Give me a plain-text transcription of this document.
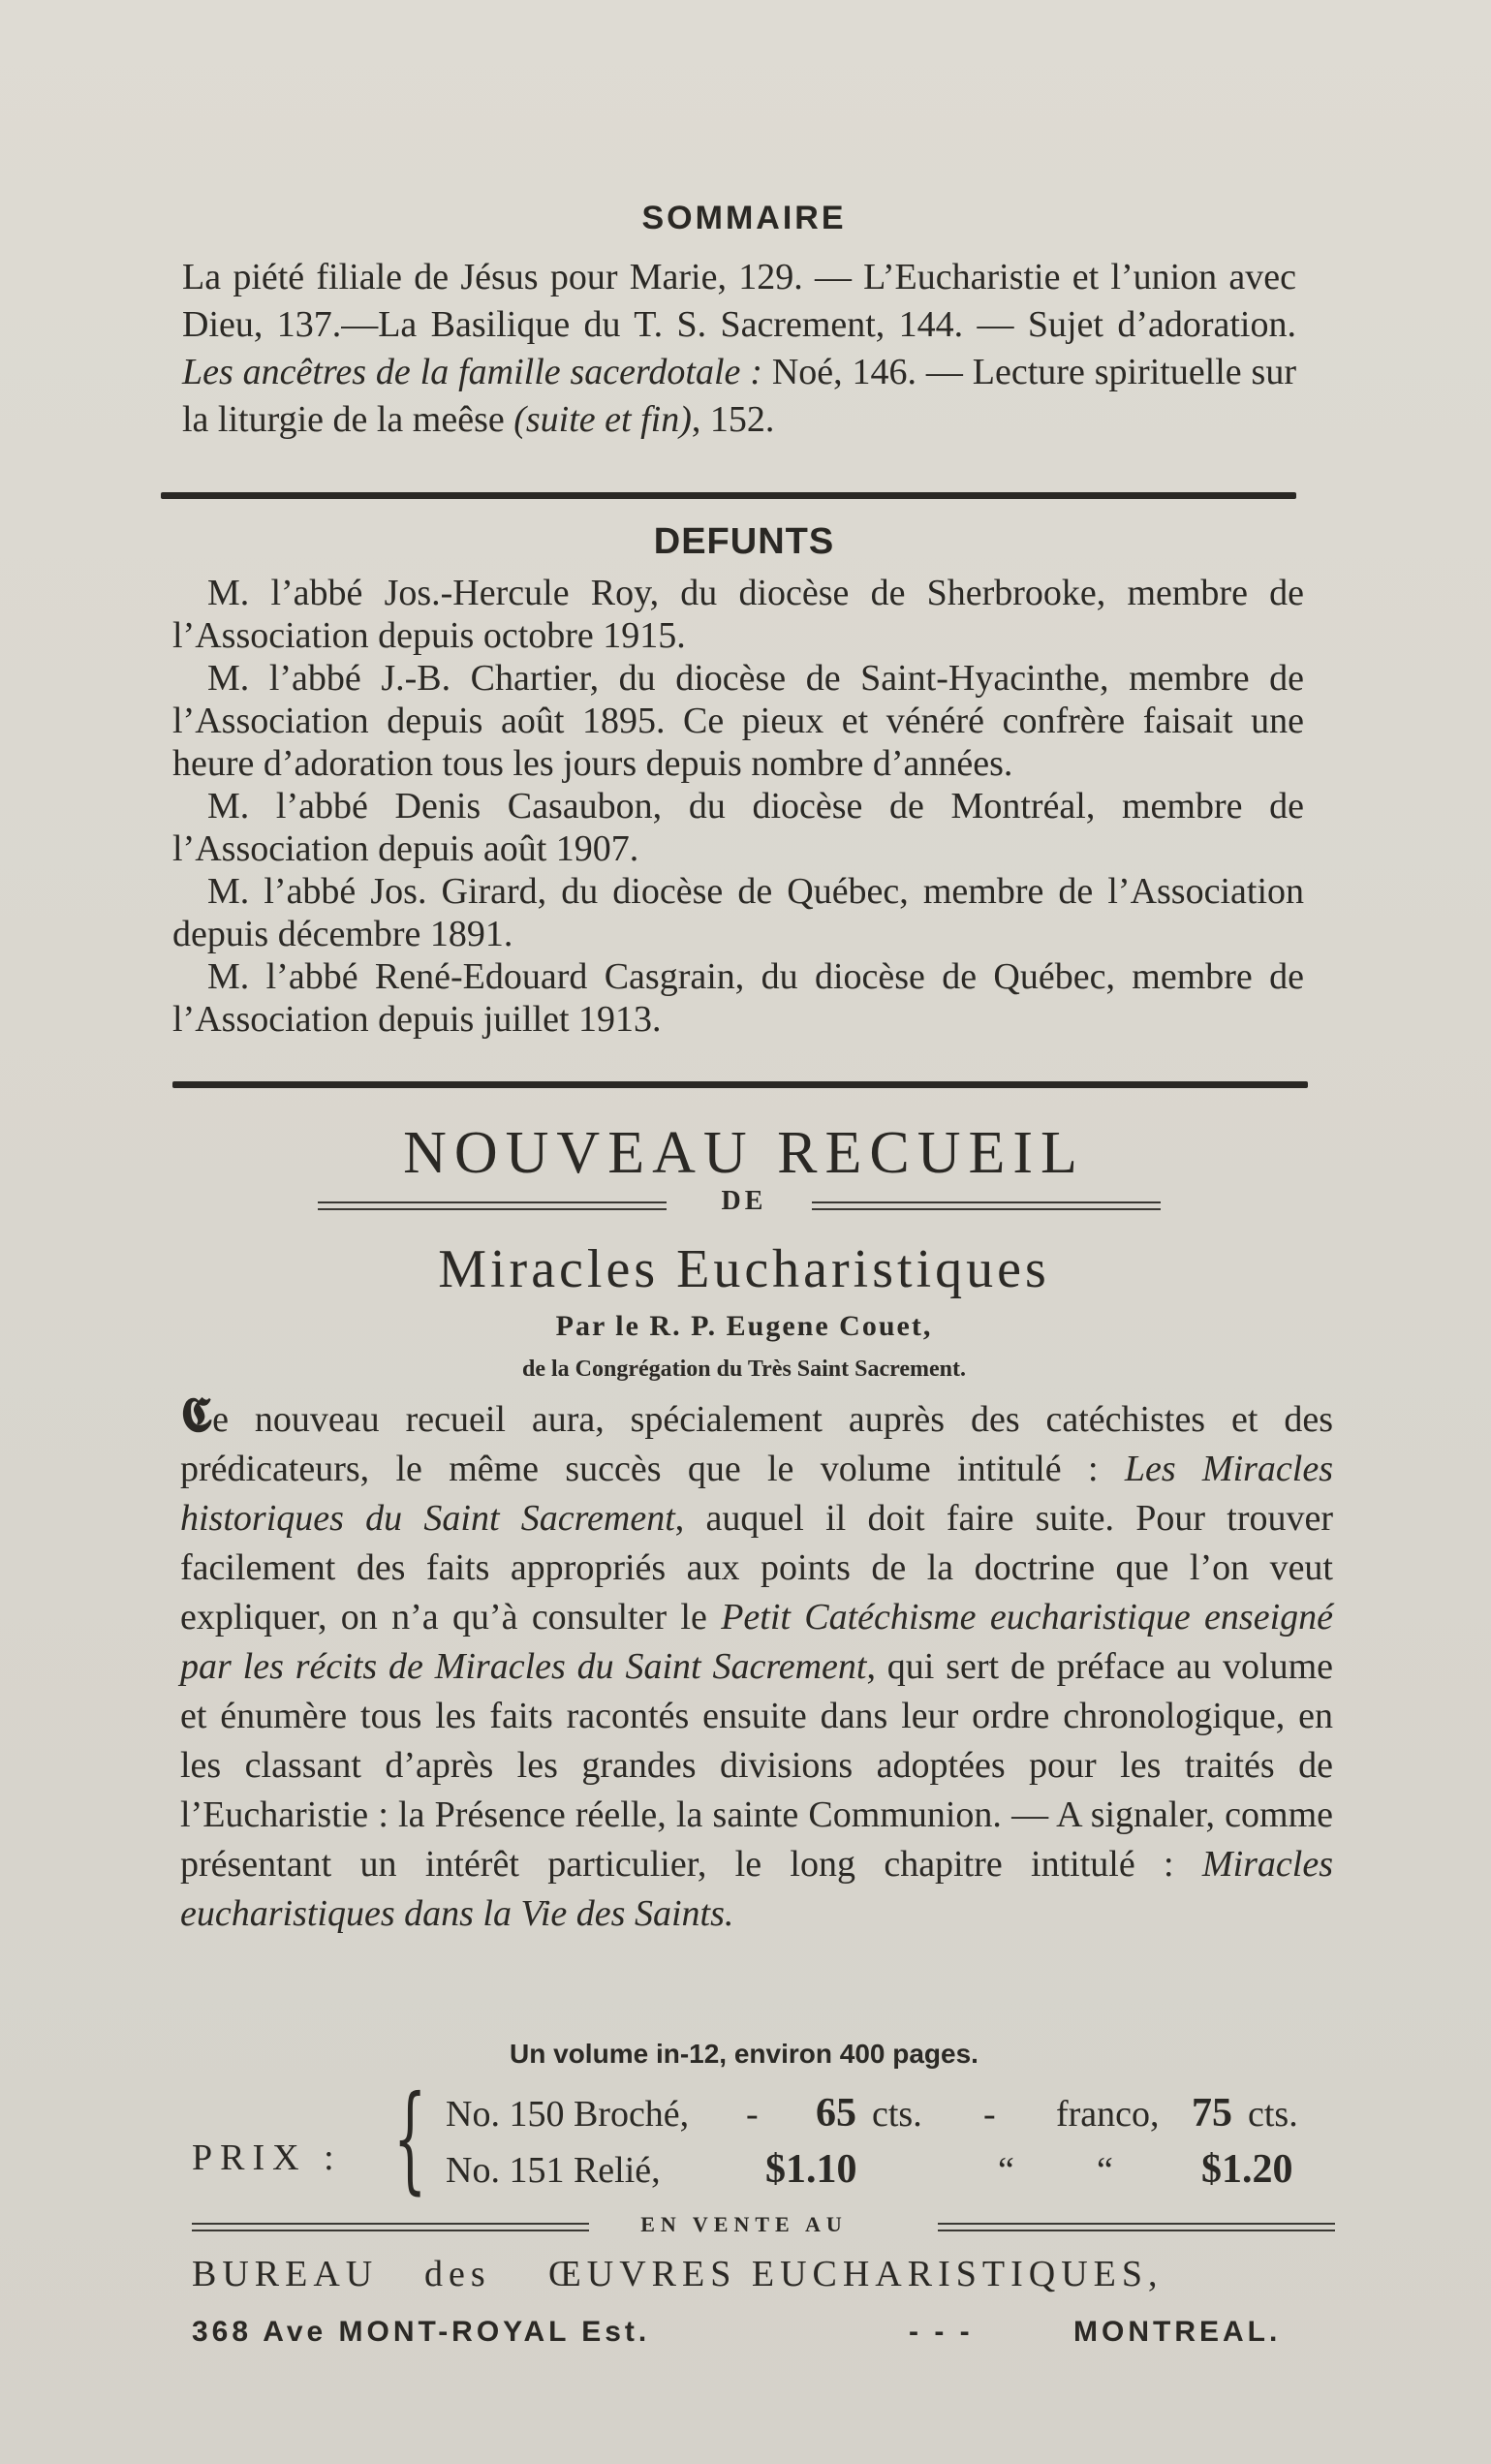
SOMMAIRE
La piété filiale de Jésus pour Marie, 129. — L’Eucharistie et l’union avec Dieu, 137.—La Basilique du T. S. Sacrement, 144. — Sujet d’adoration. Les ancêtres de la famille sacerdotale : Noé, 146. — Lecture spirituelle sur la liturgie de la meêse (suite et fin), 152.
DEFUNTS

M. l’abbé Jos.-Hercule Roy, du diocèse de Sherbrooke, membre de l’Association depuis octobre 1915.

M. l’abbé J.-B. Chartier, du diocèse de Saint-Hyacinthe, membre de l’Association depuis août 1895. Ce pieux et vénéré confrère faisait une heure d’adoration tous les jours depuis nombre d’années.

M. l’abbé Denis Casaubon, du diocèse de Montréal, membre de l’Association depuis août 1907.

M. l’abbé Jos. Girard, du diocèse de Québec, membre de l’Association depuis décembre 1891.

M. l’abbé René-Edouard Casgrain, du diocèse de Québec, membre de l’Association depuis juillet 1913.

NOUVEAU RECUEIL
DE
Miracles Eucharistiques
Par le R. P. Eugene Couet,
de la Congrégation du Très Saint Sacrement.

𝕮e nouveau recueil aura, spécialement auprès des catéchistes et des prédicateurs, le même succès que le volume intitulé : Les Miracles historiques du Saint Sacrement, auquel il doit faire suite. Pour trouver facilement des faits appropriés aux points de la doctrine que l’on veut expliquer, on n’a qu’à consulter le Petit Catéchisme eucharistique enseigné par les récits de Miracles du Saint Sacrement, qui sert de préface au volume et énumère tous les faits racontés ensuite dans leur ordre chronologique, en les classant d’après les grandes divisions adoptées pour les traités de l’Eucharistie : la Présence réelle, la sainte Communion. — A signaler, comme présentant un intérêt particulier, le long chapitre intitulé : Miracles eucharistiques dans la Vie des Saints.

Un volume in-12, environ 400 pages.
PRIX : { No. 150 Broché, - 65 cts. - franco, 75 cts.
No. 151 Relié,	$1.10	“ “ $1.20
EN VENTE AU
BUREAU des ŒUVRES EUCHARISTIQUES,
368 Ave MONT-ROYAL Est.	- - -	MONTREAL.
